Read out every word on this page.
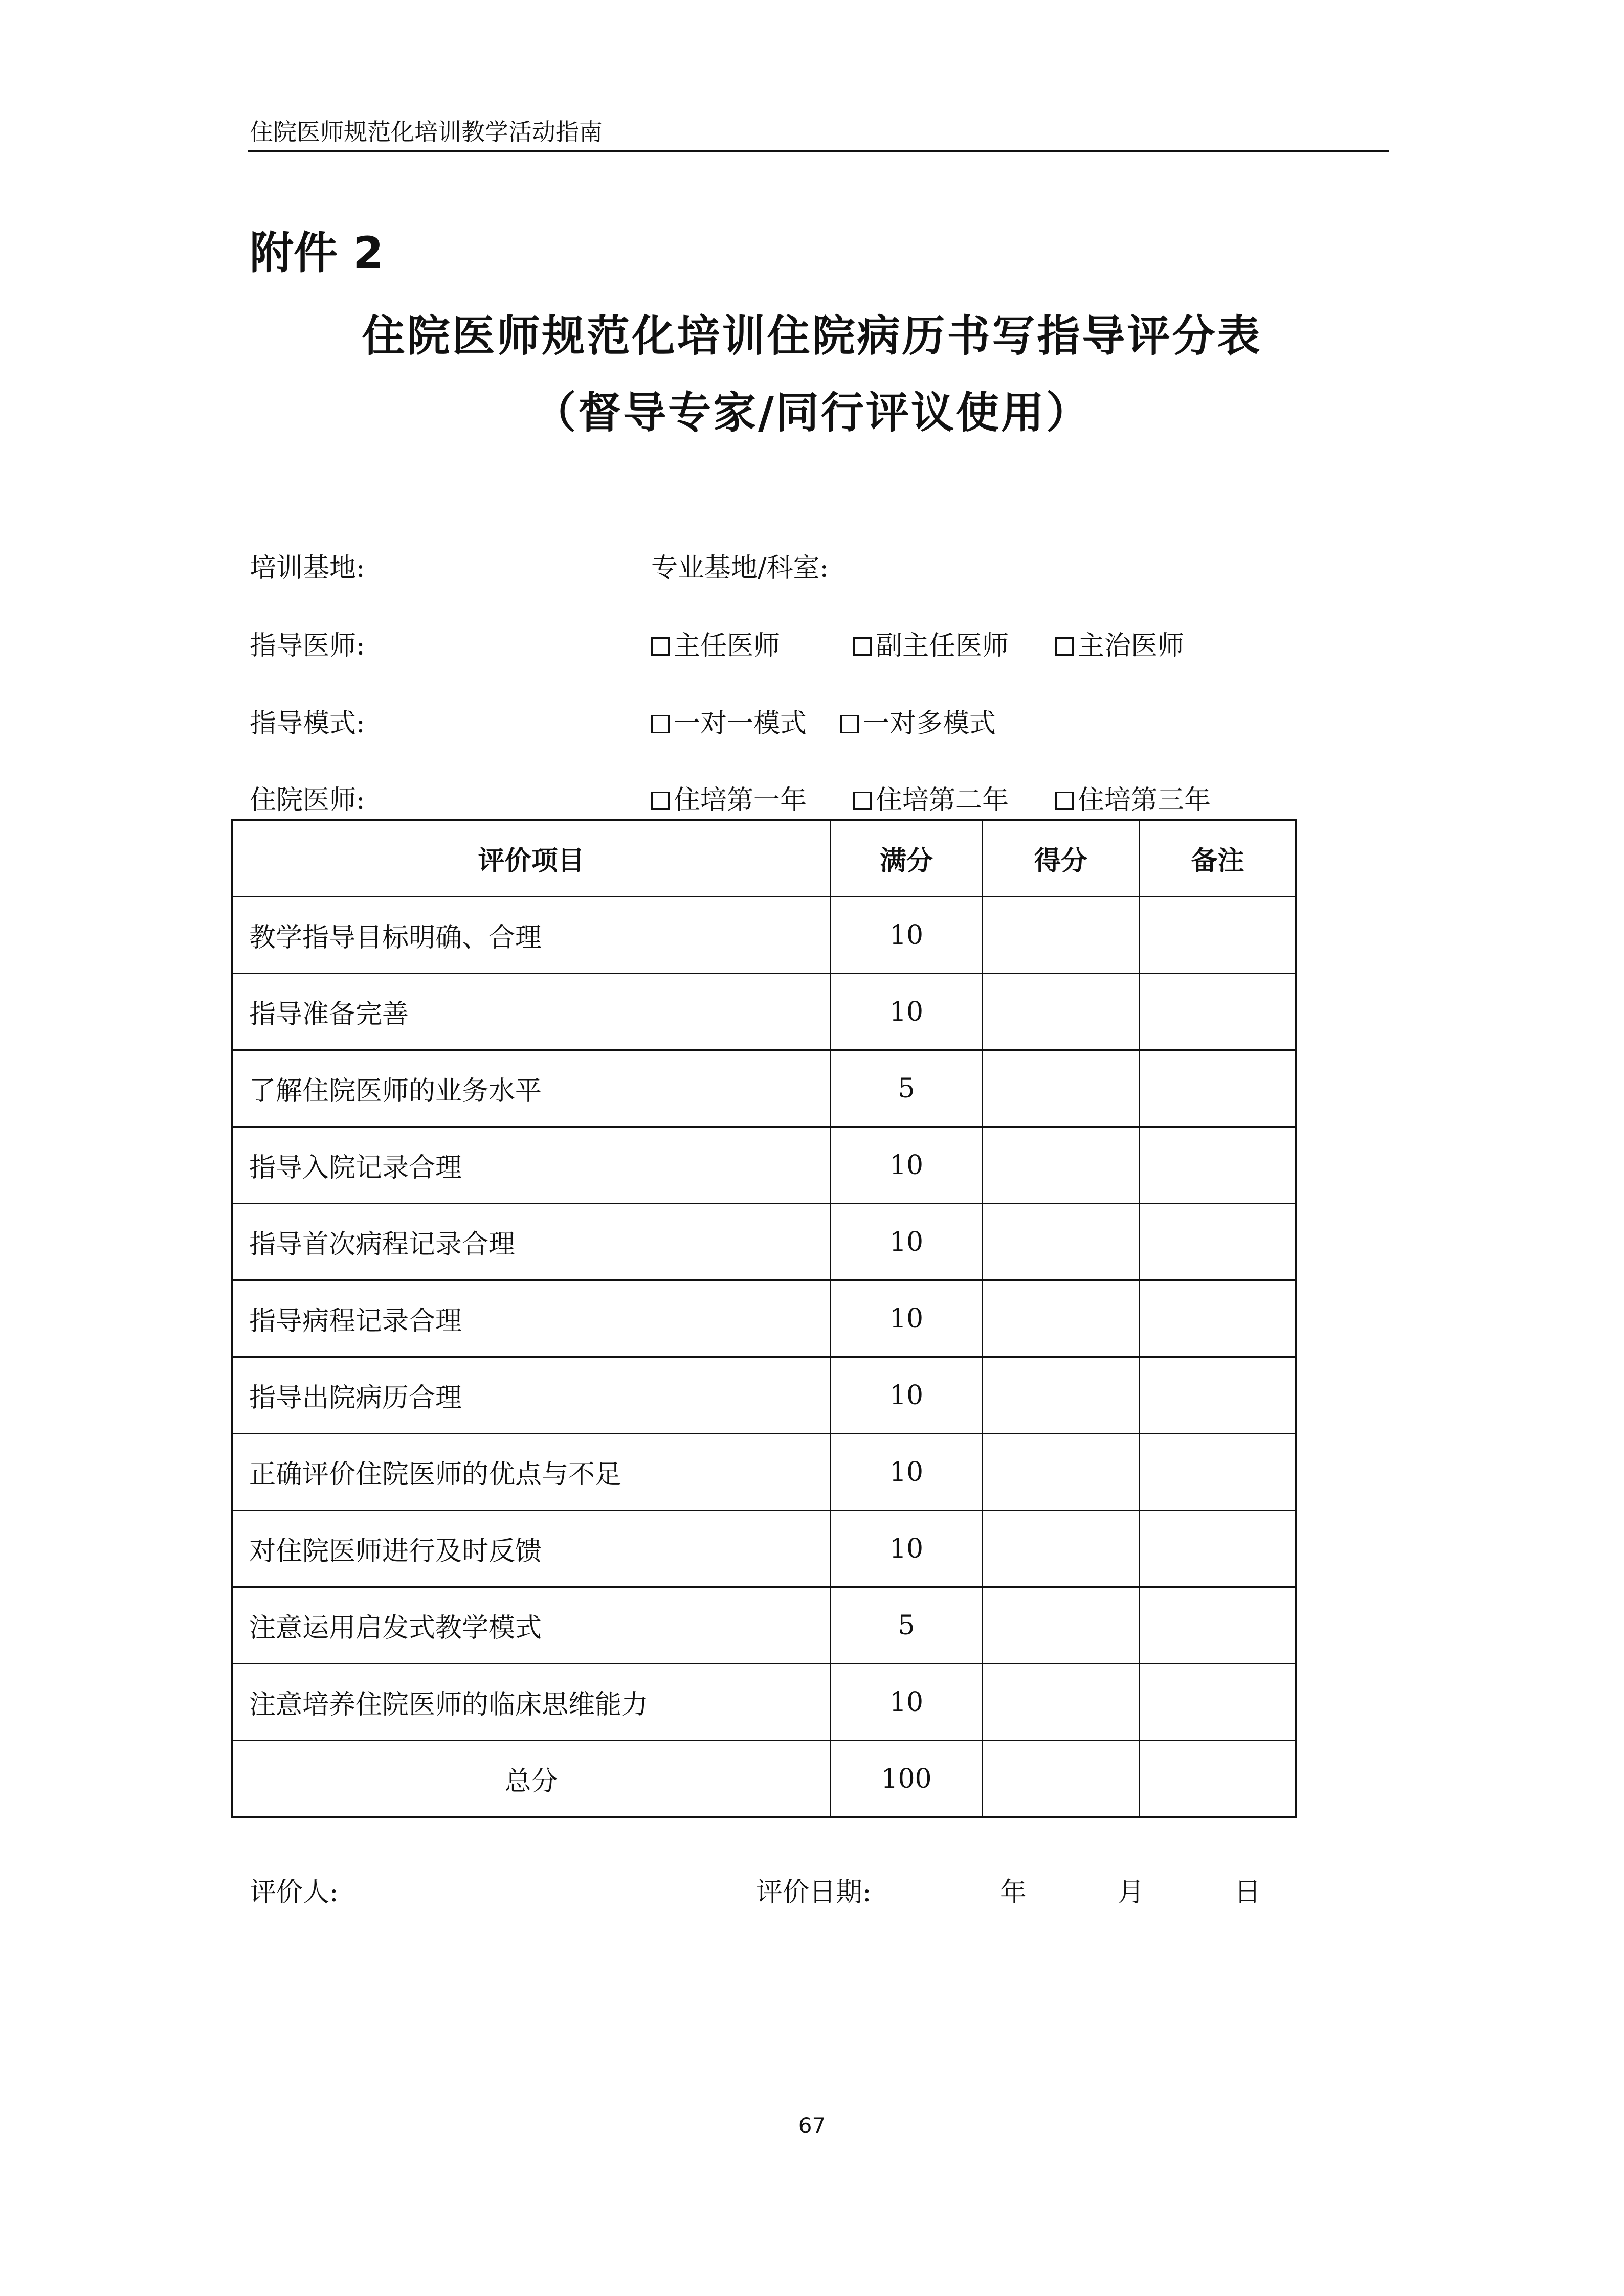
住院医师规范化培训教学活动指南
附件 2
住院医师规范化培训住院病历书写指导评分表
（督导专家/同行评议使用）
培训基地:	专业基地/科室:
指导医师:	主任医师	副主任医师	主治医师
指导模式:	一对一模式	一对多模式
住院医师:	住培第一年	住培第二年	住培第三年
评价项目	满分	得分	备注
教学指导目标明确、合理	10		
指导准备完善	10		
了解住院医师的业务水平	5		
指导入院记录合理	10		
指导首次病程记录合理	10		
指导病程记录合理	10		
指导出院病历合理	10		
正确评价住院医师的优点与不足	10		
对住院医师进行及时反馈	10		
注意运用启发式教学模式	5		
注意培养住院医师的临床思维能力	10		
总分	100		
评价人:	评价日期:	年	月	日
67
